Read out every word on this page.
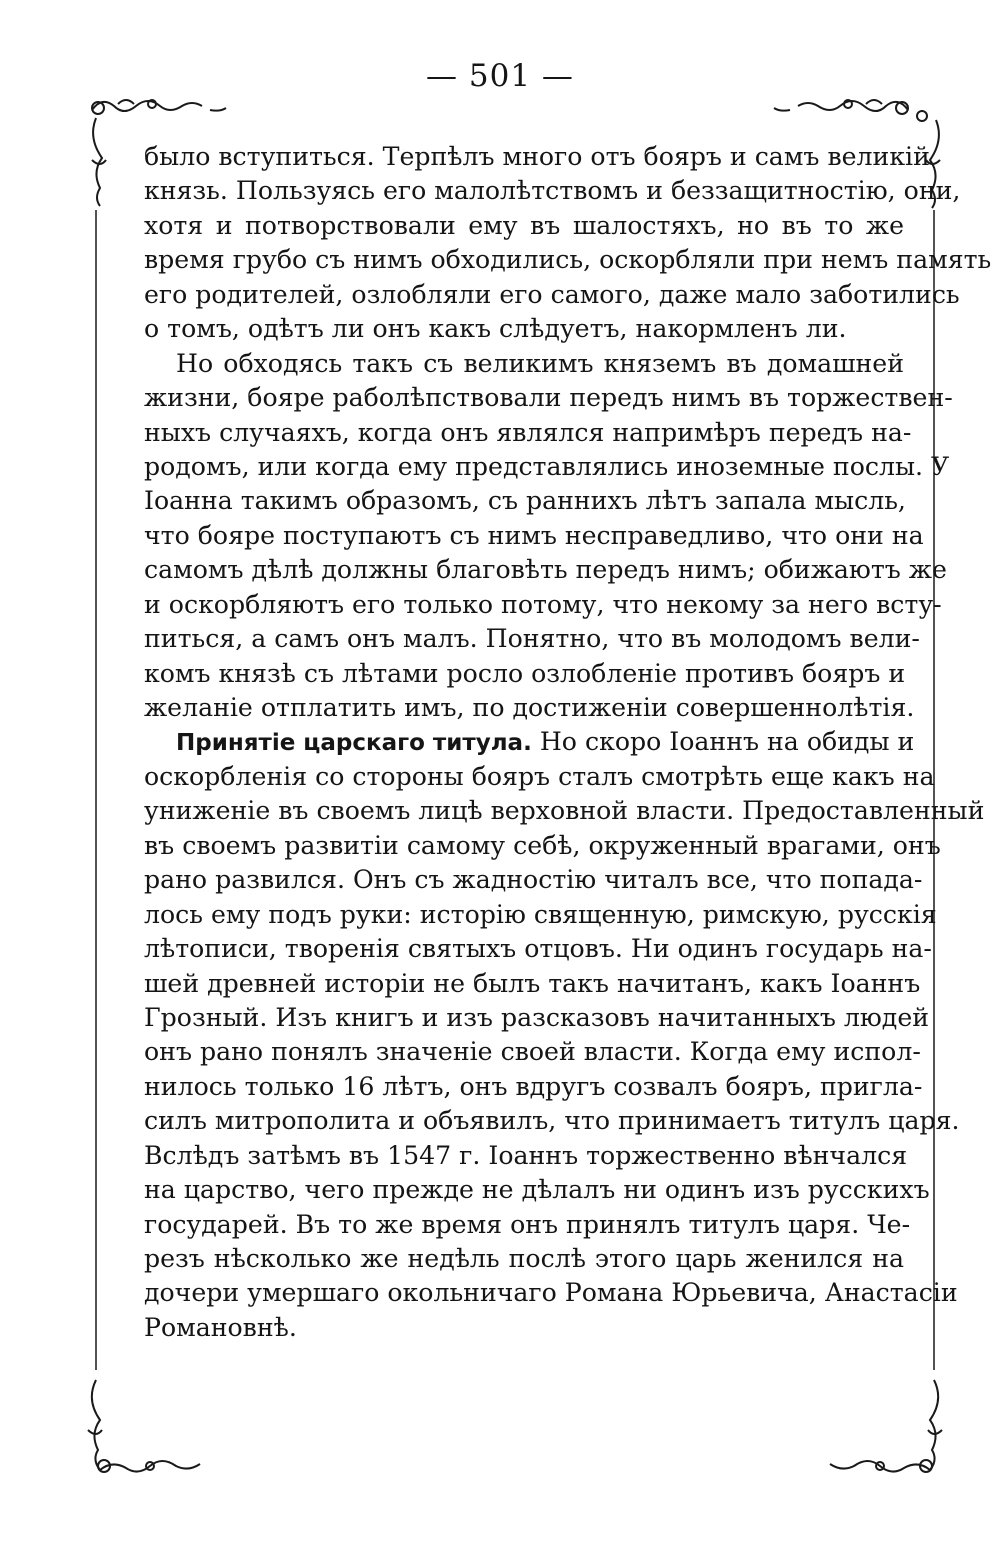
— 501 —
было вступиться. Терпѣлъ много отъ бояръ и самъ великій
князь. Пользуясь его малолѣтствомъ и беззащитностію, они,
хотя и потворствовали ему въ шалостяхъ, но въ то же
время грубо съ нимъ обходились, оскорбляли при немъ память
его родителей, озлобляли его самого, даже мало заботились
о томъ, одѣтъ ли онъ какъ слѣдуетъ, накормленъ ли.
Но обходясь такъ съ великимъ княземъ въ домашней
жизни, бояре раболѣпствовали передъ нимъ въ торжествен-
ныхъ случаяхъ, когда онъ являлся напримѣръ передъ на-
родомъ, или когда ему представлялись иноземные послы. У
Іоанна такимъ образомъ, съ раннихъ лѣтъ запала мысль,
что бояре поступаютъ съ нимъ несправедливо, что они на
самомъ дѣлѣ должны благовѣть передъ нимъ; обижаютъ же
и оскорбляютъ его только потому, что некому за него всту-
питься, а самъ онъ малъ. Понятно, что въ молодомъ вели-
комъ князѣ съ лѣтами росло озлобленіе противъ бояръ и
желаніе отплатить имъ, по достиженіи совершеннолѣтія.
Принятіе царскаго титула. Но скоро Іоаннъ на обиды и
оскорбленія со стороны бояръ сталъ смотрѣть еще какъ на
униженіе въ своемъ лицѣ верховной власти. Предоставленный
въ своемъ развитіи самому себѣ, окруженный врагами, онъ
рано развился. Онъ съ жадностію читалъ все, что попада-
лось ему подъ руки: исторію священную, римскую, русскія
лѣтописи, творенія святыхъ отцовъ. Ни одинъ государь на-
шей древней исторіи не былъ такъ начитанъ, какъ Іоаннъ
Грозный. Изъ книгъ и изъ разсказовъ начитанныхъ людей
онъ рано понялъ значеніе своей власти. Когда ему испол-
нилось только 16 лѣтъ, онъ вдругъ созвалъ бояръ, пригла-
силъ митрополита и объявилъ, что принимаетъ титулъ царя.
Вслѣдъ затѣмъ въ 1547 г. Іоаннъ торжественно вѣнчался
на царство, чего прежде не дѣлалъ ни одинъ изъ русскихъ
государей. Въ то же время онъ принялъ титулъ царя. Че-
резъ нѣсколько же недѣль послѣ этого царь женился на
дочери умершаго окольничаго Романа Юрьевича, Анастасіи
Романовнѣ.
